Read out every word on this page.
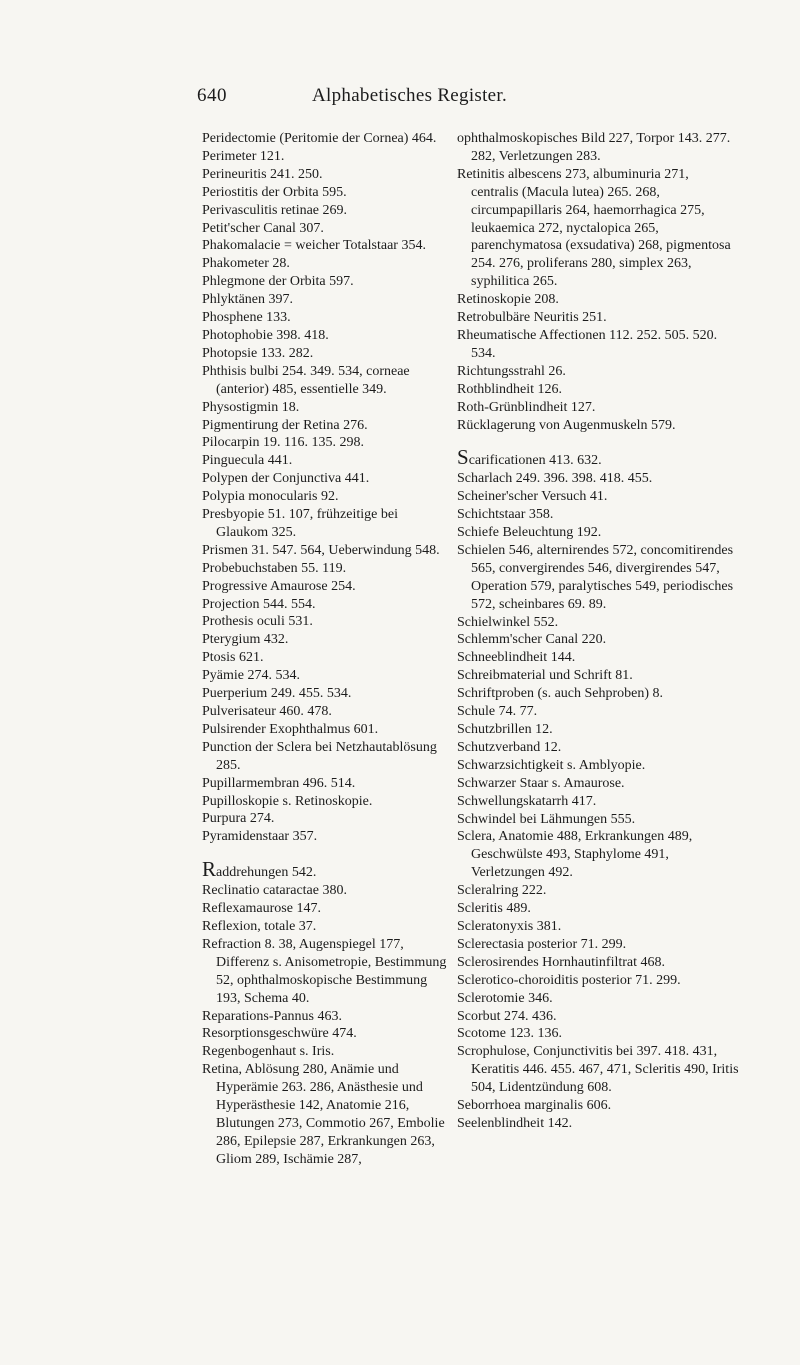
640	Alphabetisches Register.

Peridectomie (Peritomie der Cornea) 464.

Perimeter 121.

Perineuritis 241. 250.

Periostitis der Orbita 595.

Perivasculitis retinae 269.

Petit'scher Canal 307.

Phakomalacie = weicher Totalstaar 354.

Phakometer 28.

Phlegmone der Orbita 597.

Phlyktänen 397.

Phosphene 133.

Photophobie 398. 418.

Photopsie 133. 282.

Phthisis bulbi 254. 349. 534, corneae (anterior) 485, essentielle 349.

Physostigmin 18.

Pigmentirung der Retina 276.

Pilocarpin 19. 116. 135. 298.

Pinguecula 441.

Polypen der Conjunctiva 441.

Polypia monocularis 92.

Presbyopie 51. 107, frühzeitige bei Glaukom 325.

Prismen 31. 547. 564, Ueberwindung 548.

Probebuchstaben 55. 119.

Progressive Amaurose 254.

Projection 544. 554.

Prothesis oculi 531.

Pterygium 432.

Ptosis 621.

Pyämie 274. 534.

Puerperium 249. 455. 534.

Pulverisateur 460. 478.

Pulsirender Exophthalmus 601.

Punction der Sclera bei Netzhautablösung 285.

Pupillarmembran 496. 514.

Pupilloskopie s. Retinoskopie.

Purpura 274.

Pyramidenstaar 357.

Raddrehungen 542.

Reclinatio cataractae 380.

Reflexamaurose 147.

Reflexion, totale 37.

Refraction 8. 38, Augenspiegel 177, Differenz s. Anisometropie, Bestimmung 52, ophthalmoskopische Bestimmung 193, Schema 40.

Reparations-Pannus 463.

Resorptionsgeschwüre 474.

Regenbogenhaut s. Iris.

Retina, Ablösung 280, Anämie und Hyperämie 263. 286, Anästhesie und Hyperästhesie 142, Anatomie 216, Blutungen 273, Commotio 267, Embolie 286, Epilepsie 287, Erkrankungen 263, Gliom 289, Ischämie 287,

ophthalmoskopisches Bild 227, Torpor 143. 277. 282, Verletzungen 283.

Retinitis albescens 273, albuminuria 271, centralis (Macula lutea) 265. 268, circumpapillaris 264, haemorrhagica 275, leukaemica 272, nyctalopica 265, parenchymatosa (exsudativa) 268, pigmentosa 254. 276, proliferans 280, simplex 263, syphilitica 265.

Retinoskopie 208.

Retrobulbäre Neuritis 251.

Rheumatische Affectionen 112. 252. 505. 520. 534.

Richtungsstrahl 26.

Rothblindheit 126.

Roth-Grünblindheit 127.

Rücklagerung von Augenmuskeln 579.

Scarificationen 413. 632.

Scharlach 249. 396. 398. 418. 455.

Scheiner'scher Versuch 41.

Schichtstaar 358.

Schiefe Beleuchtung 192.

Schielen 546, alternirendes 572, concomitirendes 565, convergirendes 546, divergirendes 547, Operation 579, paralytisches 549, periodisches 572, scheinbares 69. 89.

Schielwinkel 552.

Schlemm'scher Canal 220.

Schneeblindheit 144.

Schreibmaterial und Schrift 81.

Schriftproben (s. auch Sehproben) 8.

Schule 74. 77.

Schutzbrillen 12.

Schutzverband 12.

Schwarzsichtigkeit s. Amblyopie.

Schwarzer Staar s. Amaurose.

Schwellungskatarrh 417.

Schwindel bei Lähmungen 555.

Sclera, Anatomie 488, Erkrankungen 489, Geschwülste 493, Staphylome 491, Verletzungen 492.

Scleralring 222.

Scleritis 489.

Scleratonyxis 381.

Sclerectasia posterior 71. 299.

Sclerosirendes Hornhautinfiltrat 468.

Sclerotico-choroiditis posterior 71. 299.

Sclerotomie 346.

Scorbut 274. 436.

Scotome 123. 136.

Scrophulose, Conjunctivitis bei 397. 418. 431, Keratitis 446. 455. 467, 471, Scleritis 490, Iritis 504, Lidentzündung 608.

Seborrhoea marginalis 606.

Seelenblindheit 142.
